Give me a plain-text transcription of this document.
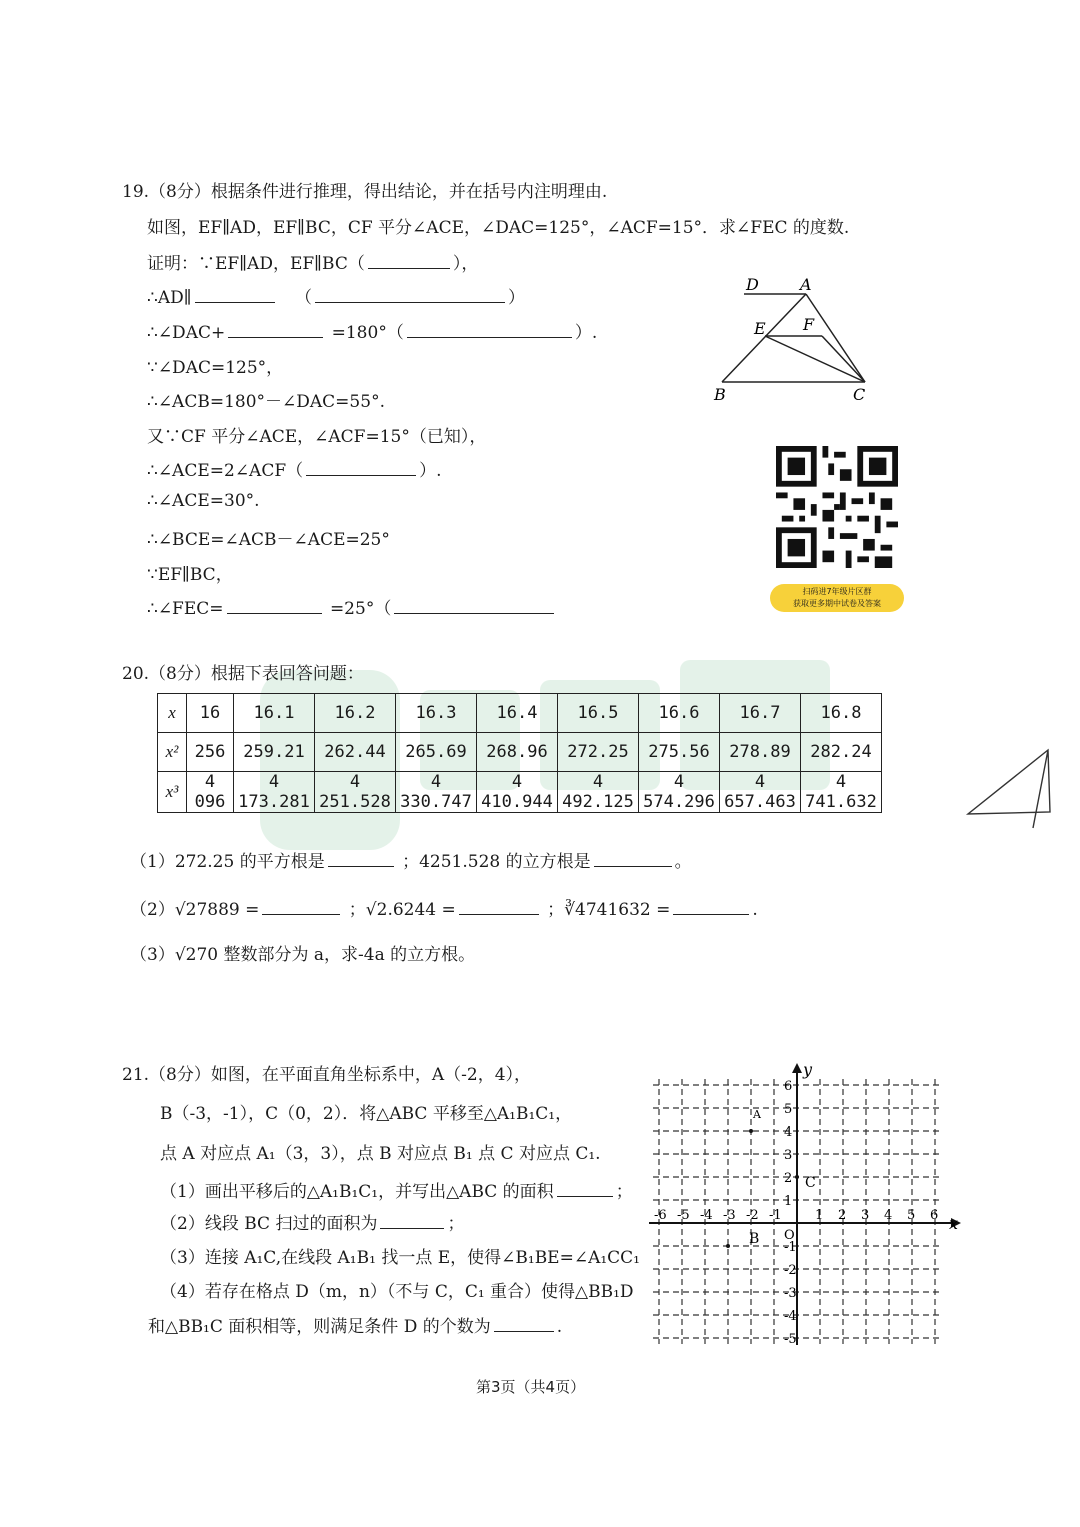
19.（8分）根据条件进行推理，得出结论，并在括号内注明理由.
如图，EF∥AD，EF∥BC，CF 平分∠ACE，∠DAC=125°，∠ACF=15°．求∠FEC 的度数.
证明：∵EF∥AD，EF∥BC（	），
∴AD∥	（	）
∴∠DAC+	=180°（	）.
∵∠DAC=125°，
∴∠ACB=180°－∠DAC=55°.
又∵CF 平分∠ACE，∠ACF=15°（已知），
∴∠ACE=2∠ACF（	）.
∴∠ACE=30°.
∴∠BCE=∠ACB－∠ACE=25°
∵EF∥BC，
∴∠FEC=	=25°（
D	A
E F
B	C
扫码进7年级片区群
获取更多期中试卷及答案
20.（8分）根据下表回答问题：
x	16	16.1	16.2	16.3	16.4	16.5	16.6	16.7	16.8
x²	256	259.21	262.44	265.69	268.96	272.25	275.56	278.89	282.24
x³	4 096	4 173.281	4 251.528	4 330.747	4 410.944	4 492.125	4 574.296	4 657.463	4 741.632
（1）272.25 的平方根是	；4251.528 的立方根是	。
（2）√27889 =	；√2.6244 =	；∛4741632 =	.
（3）√270 整数部分为 a，求-4a 的立方根。
21.（8分）如图，在平面直角坐标系中，A（-2，4），
B（-3，-1），C（0，2）．将△ABC 平移至△A₁B₁C₁，
点 A 对应点 A₁（3，3），点 B 对应点 B₁ 点 C 对应点 C₁.
（1）画出平移后的△A₁B₁C₁，并写出△ABC 的面积	；
（2）线段 BC 扫过的面积为	；
（3）连接 A₁C,在线段 A₁B₁ 找一点 E，使得∠B₁BE=∠A₁CC₁
（4）若存在格点 D（m，n）（不与 C，C₁ 重合）使得△BB₁D
和△BB₁C 面积相等，则满足条件 D 的个数为	.
x
y
O
-6 -5 -4 -3 -2 -1	1 2 3 4 5 6
6
5
4
3
2
1
-1
-2
-3
-4
-5
C
B
A
第3页（共4页）
